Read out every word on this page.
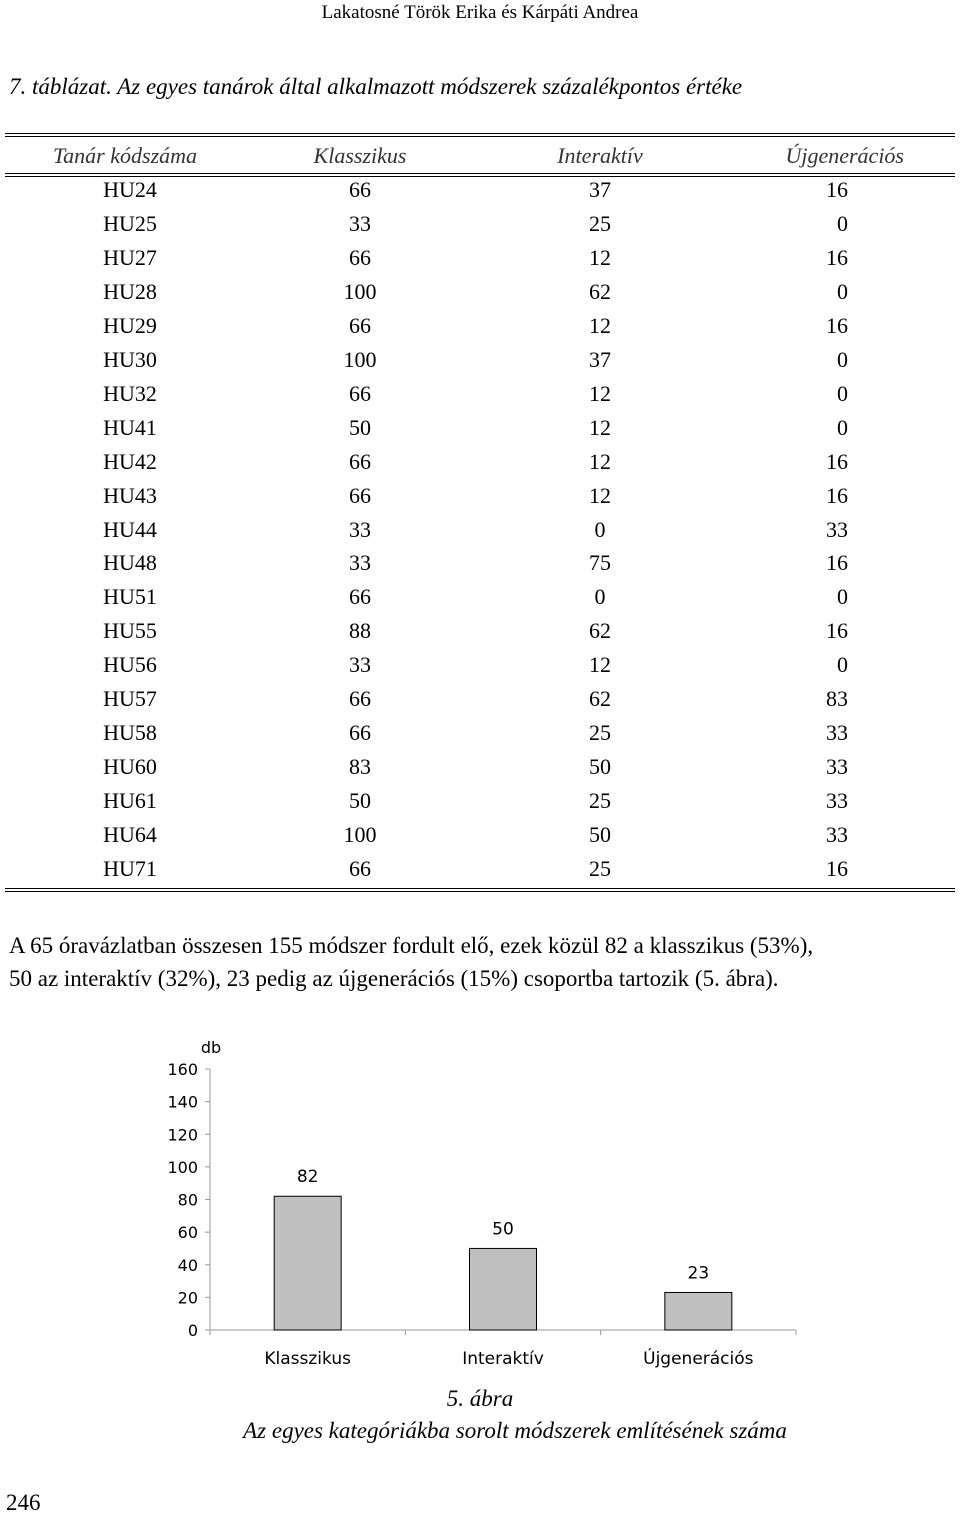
Lakatosné Török Erika és Kárpáti Andrea
7. táblázat. Az egyes tanárok által alkalmazott módszerek százalékpontos értéke
Tanár kódszáma	Klasszikus	Interaktív	Újgenerációs
HU24	66	37	16
HU25	33	25	0
HU27	66	12	16
HU28	100	62	0
HU29	66	12	16
HU30	100	37	0
HU32	66	12	0
HU41	50	12	0
HU42	66	12	16
HU43	66	12	16
HU44	33	0	33
HU48	33	75	16
HU51	66	0	0
HU55	88	62	16
HU56	33	12	0
HU57	66	62	83
HU58	66	25	33
HU60	83	50	33
HU61	50	25	33
HU64	100	50	33
HU71	66	25	16
A 65 óravázlatban összesen 155 módszer fordult elő, ezek közül 82 a klasszikus (53%),
50 az interaktív (32%), 23 pedig az újgenerációs (15%) csoportba tartozik (5. ábra).
0
20
40
60
80
100
120
140
160
db
82
Klasszikus
50
Interaktív
23
Újgenerációs
5. ábra
Az egyes kategóriákba sorolt módszerek említésének száma
246
